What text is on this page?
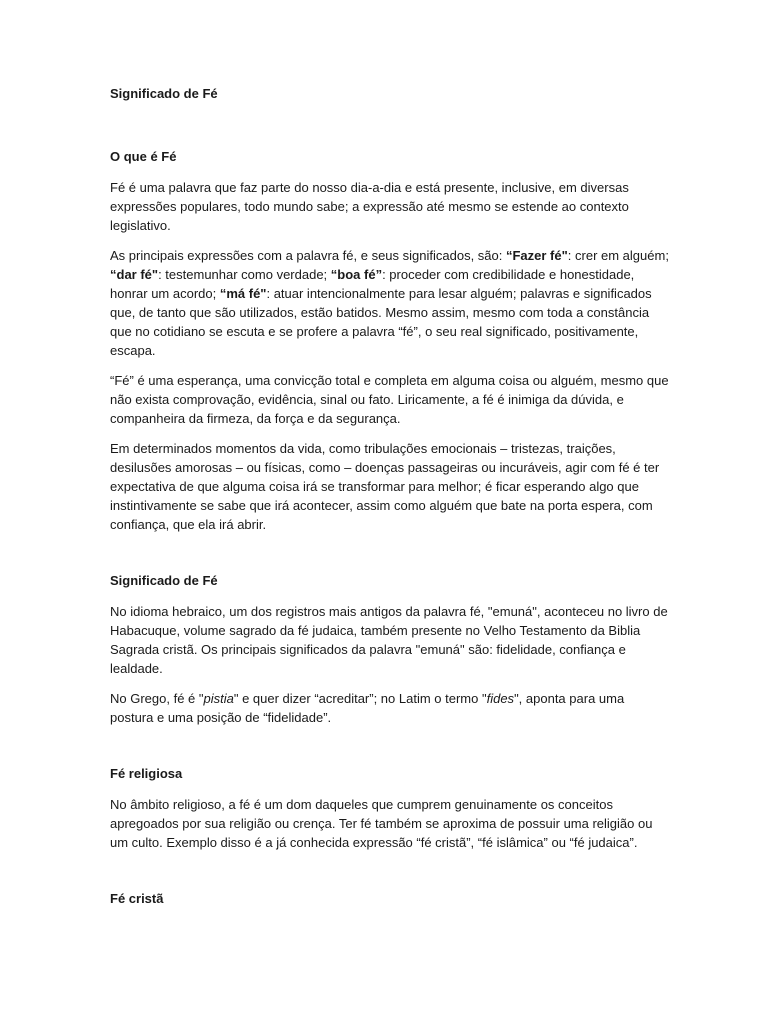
Significado de Fé
O que é Fé

Fé é uma palavra que faz parte do nosso dia-a-dia e está presente, inclusive, em diversas expressões populares, todo mundo sabe; a expressão até mesmo se estende ao contexto legislativo.

As principais expressões com a palavra fé, e seus significados, são: “Fazer fé": crer em alguém; “dar fé": testemunhar como verdade; “boa fé”: proceder com credibilidade e honestidade, honrar um acordo; “má fé": atuar intencionalmente para lesar alguém; palavras e significados que, de tanto que são utilizados, estão batidos. Mesmo assim, mesmo com toda a constância que no cotidiano se escuta e se profere a palavra “fé”, o seu real significado, positivamente, escapa.

“Fé” é uma esperança, uma convicção total e completa em alguma coisa ou alguém, mesmo que não exista comprovação, evidência, sinal ou fato. Liricamente, a fé é inimiga da dúvida, e companheira da firmeza, da força e da segurança.

Em determinados momentos da vida, como tribulações emocionais – tristezas, traições, desilusões amorosas – ou físicas, como – doenças passageiras ou incuráveis, agir com fé é ter expectativa de que alguma coisa irá se transformar para melhor; é ficar esperando algo que instintivamente se sabe que irá acontecer, assim como alguém que bate na porta espera, com confiança, que ela irá abrir.

Significado de Fé

No idioma hebraico, um dos registros mais antigos da palavra fé, "emuná", aconteceu no livro de Habacuque, volume sagrado da fé judaica, também presente no Velho Testamento da Biblia Sagrada cristã. Os principais significados da palavra "emuná" são: fidelidade, confiança e lealdade.

No Grego, fé é "pistia" e quer dizer “acreditar”; no Latim o termo "fides", aponta para uma postura e uma posição de “fidelidade”.

Fé religiosa

No âmbito religioso, a fé é um dom daqueles que cumprem genuinamente os conceitos apregoados por sua religião ou crença. Ter fé também se aproxima de possuir uma religião ou um culto. Exemplo disso é a já conhecida expressão “fé cristã”, “fé islâmica” ou “fé judaica”.

Fé cristã
